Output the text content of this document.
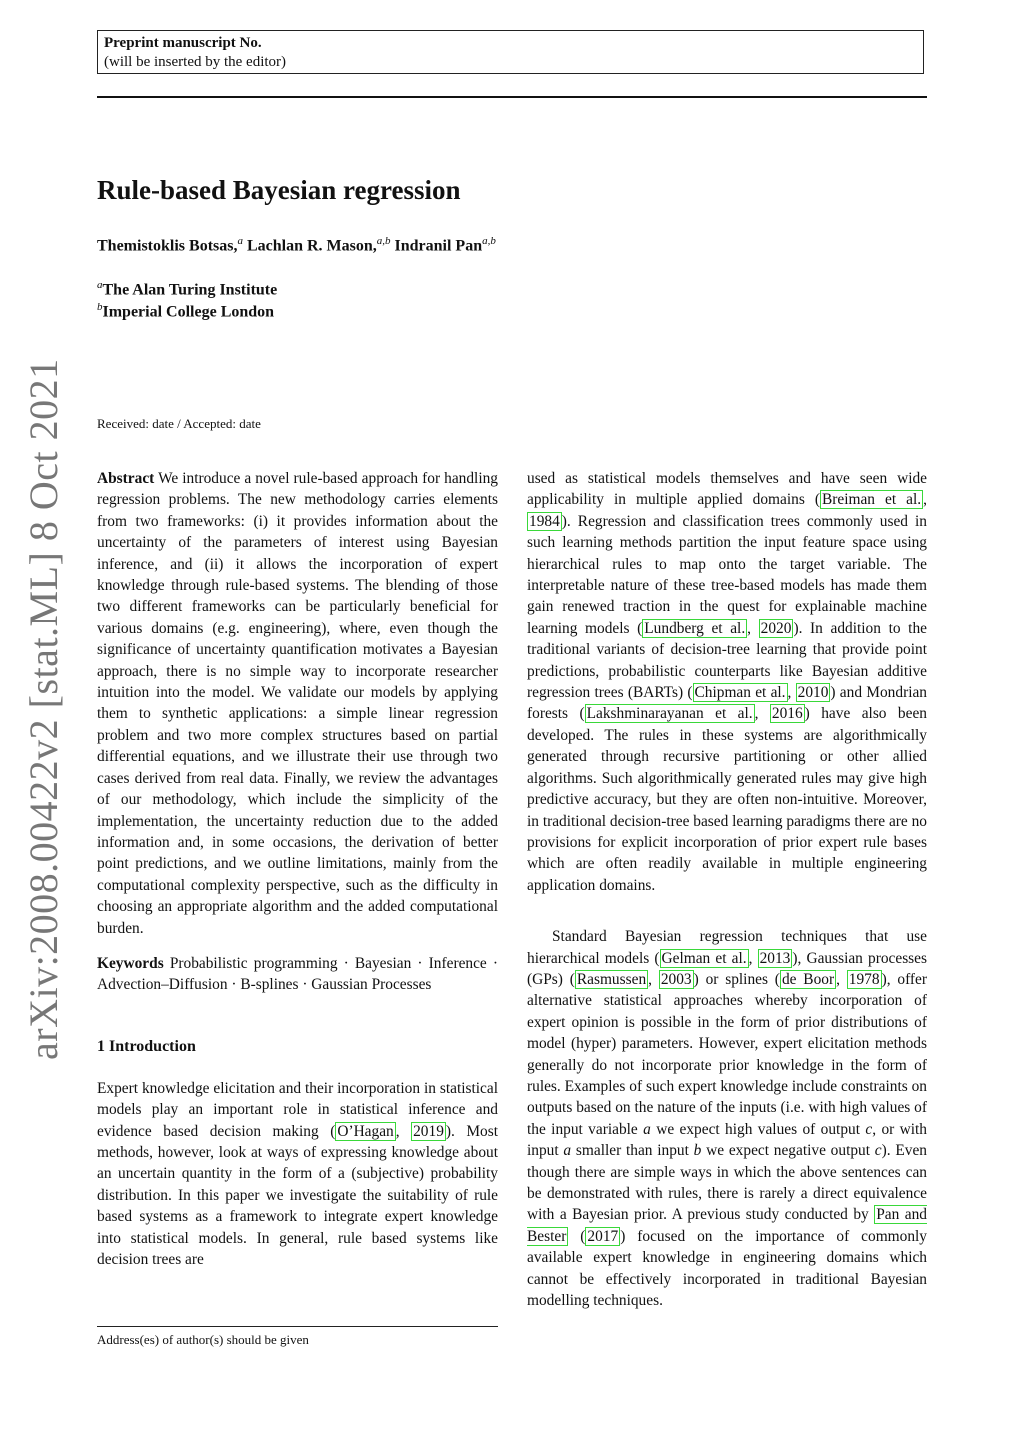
Preprint manuscript No.
(will be inserted by the editor)
arXiv:2008.00422v2 [stat.ML] 8 Oct 2021
Rule-based Bayesian regression
Themistoklis Botsas,$^a$ Lachlan R. Mason,$^{a,b}$ Indranil Pan$^{a,b}$
$^a$The Alan Turing Institute
$^b$Imperial College London
Received: date / Accepted: date

Abstract We introduce a novel rule-based approach for handling regression problems. The new methodology carries elements from two frameworks: (i) it provides information about the uncertainty of the parameters of interest using Bayesian inference, and (ii) it allows the incorporation of expert knowledge through rule-based systems. The blending of those two different frameworks can be particularly beneficial for various domains (e.g. engineering), where, even though the significance of uncertainty quantification motivates a Bayesian approach, there is no simple way to incorporate researcher intuition into the model. We validate our models by applying them to synthetic applications: a simple linear regression problem and two more complex structures based on partial differential equations, and we illustrate their use through two cases derived from real data. Finally, we review the advantages of our methodology, which include the simplicity of the implementation, the uncertainty reduction due to the added information and, in some occasions, the derivation of better point predictions, and we outline limitations, mainly from the computational complexity perspective, such as the difficulty in choosing an appropriate algorithm and the added computational burden.

Keywords Probabilistic programming · Bayesian · Inference · Advection–Diffusion · B-splines · Gaussian Processes

1 Introduction

Expert knowledge elicitation and their incorporation in statistical models play an important role in statistical inference and evidence based decision making ( O’Hagan , 2019 ). Most methods, however, look at ways of expressing knowledge about an uncertain quantity in the form of a (subjective) probability distribution. In this paper we investigate the suitability of rule based systems as a framework to integrate expert knowledge into statistical models. In general, rule based systems like decision trees are

Address(es) of author(s) should be given

used as statistical models themselves and have seen wide applicability in multiple applied domains ( Breiman et al. , 1984 ). Regression and classification trees commonly used in such learning methods partition the input feature space using hierarchical rules to map onto the target variable. The interpretable nature of these tree-based models has made them gain renewed traction in the quest for explainable machine learning models ( Lundberg et al. , 2020 ). In addition to the traditional variants of decision-tree learning that provide point predictions, probabilistic counterparts like Bayesian additive regression trees (BARTs) ( Chipman et al. , 2010 ) and Mondrian forests ( Lakshminarayanan et al. , 2016 ) have also been developed. The rules in these systems are algorithmically generated through recursive partitioning or other allied algorithms. Such algorithmically generated rules may give high predictive accuracy, but they are often non-intuitive. Moreover, in traditional decision-tree based learning paradigms there are no provisions for explicit incorporation of prior expert rule bases which are often readily available in multiple engineering application domains.

Standard Bayesian regression techniques that use hierarchical models ( Gelman et al. , 2013 ), Gaussian processes (GPs) ( Rasmussen , 2003 ) or splines ( de Boor , 1978 ), offer alternative statistical approaches whereby incorporation of expert opinion is possible in the form of prior distributions of model (hyper) parameters. However, expert elicitation methods generally do not incorporate prior knowledge in the form of rules. Examples of such expert knowledge include constraints on outputs based on the nature of the inputs (i.e. with high values of the input variable a we expect high values of output c, or with input a smaller than input b we expect negative output c). Even though there are simple ways in which the above sentences can be demonstrated with rules, there is rarely a direct equivalence with a Bayesian prior. A previous study conducted by Pan and Bester ( 2017 ) focused on the importance of commonly available expert knowledge in engineering domains which cannot be effectively incorporated in traditional Bayesian modelling techniques.
